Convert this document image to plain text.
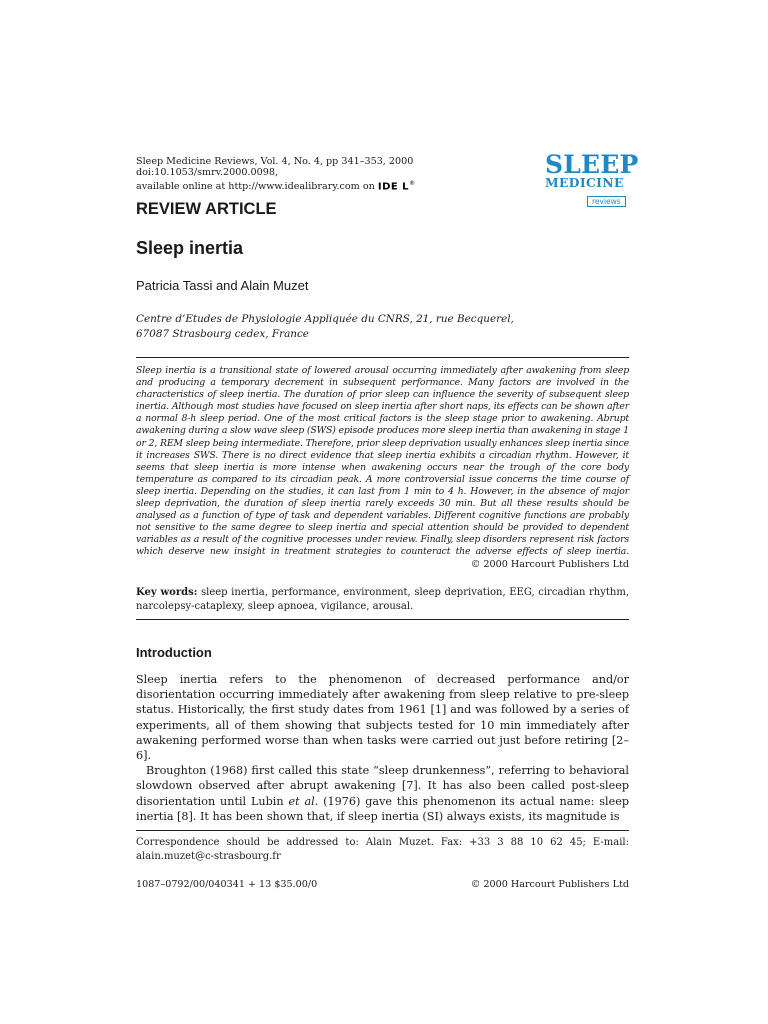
Sleep Medicine Reviews, Vol. 4, No. 4, pp 341–353, 2000
doi:10.1053/smrv.2000.0098,
available online at http://www.idealibrary.com on IDE L®
SLEEP
MEDICINE
reviews
REVIEW ARTICLE
Sleep inertia
Patricia Tassi and Alain Muzet
Centre d’Etudes de Physiologie Appliquée du CNRS, 21, rue Becquerel,
67087 Strasbourg cedex, France
Sleep inertia is a transitional state of lowered arousal occurring immediately after awakening from sleep and producing a temporary decrement in subsequent performance. Many factors are involved in the characteristics of sleep inertia. The duration of prior sleep can influence the severity of subsequent sleep inertia. Although most studies have focused on sleep inertia after short naps, its effects can be shown after a normal 8-h sleep period. One of the most critical factors is the sleep stage prior to awakening. Abrupt awakening during a slow wave sleep (SWS) episode produces more sleep inertia than awakening in stage 1 or 2, REM sleep being intermediate. Therefore, prior sleep deprivation usually enhances sleep inertia since it increases SWS. There is no direct evidence that sleep inertia exhibits a circadian rhythm. However, it seems that sleep inertia is more intense when awakening occurs near the trough of the core body temperature as compared to its circadian peak. A more controversial issue concerns the time course of sleep inertia. Depending on the studies, it can last from 1 min to 4 h. However, in the absence of major sleep deprivation, the duration of sleep inertia rarely exceeds 30 min. But all these results should be analysed as a function of type of task and dependent variables. Different cognitive functions are probably not sensitive to the same degree to sleep inertia and special attention should be provided to dependent variables as a result of the cognitive processes under review. Finally, sleep disorders represent risk factors which deserve new insight in treatment strategies to counteract the adverse effects of sleep inertia.
© 2000 Harcourt Publishers Ltd
Key words: sleep inertia, performance, environment, sleep deprivation, EEG, circadian rhythm, narcolepsy-cataplexy, sleep apnoea, vigilance, arousal.
Introduction

Sleep inertia refers to the phenomenon of decreased performance and/or disorientation occurring immediately after awakening from sleep relative to pre-sleep status. Historically, the first study dates from 1961 [1] and was followed by a series of experiments, all of them showing that subjects tested for 10 min immediately after awakening performed worse than when tasks were carried out just before retiring [2–6].

Broughton (1968) first called this state “sleep drunkenness”, referring to behavioral slowdown observed after abrupt awakening [7]. It has also been called post-sleep disorientation until Lubin et al. (1976) gave this phenomenon its actual name: sleep inertia [8]. It has been shown that, if sleep inertia (SI) always exists, its magnitude is

Correspondence should be addressed to: Alain Muzet. Fax: +33 3 88 10 62 45; E-mail:
alain.muzet@c-strasbourg.fr
1087–0792/00/040341 + 13 $35.00/0	© 2000 Harcourt Publishers Ltd
